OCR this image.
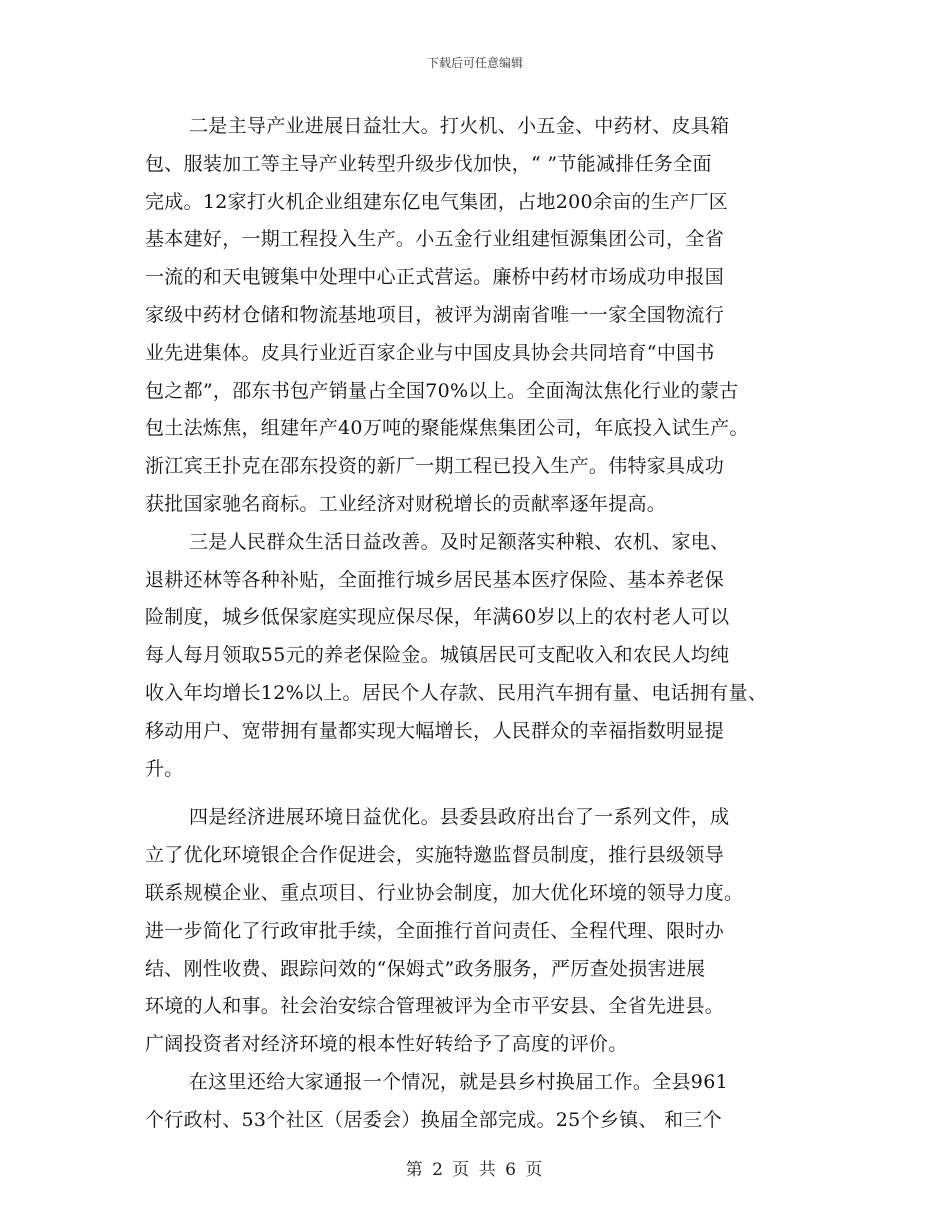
下载后可任意编辑
二是主导产业进展日益壮大。打火机、小五金、中药材、皮具箱
包、服装加工等主导产业转型升级步伐加快，“ ”节能减排任务全面
完成。12家打火机企业组建东亿电气集团，占地200余亩的生产厂区
基本建好，一期工程投入生产。小五金行业组建恒源集团公司，全省
一流的和天电镀集中处理中心正式营运。廉桥中药材市场成功申报国
家级中药材仓储和物流基地项目，被评为湖南省唯一一家全国物流行
业先进集体。皮具行业近百家企业与中国皮具协会共同培育“中国书
包之都”，邵东书包产销量占全国70%以上。全面淘汰焦化行业的蒙古
包土法炼焦，组建年产40万吨的聚能煤焦集团公司，年底投入试生产。
浙江宾王扑克在邵东投资的新厂一期工程已投入生产。伟特家具成功
获批国家驰名商标。工业经济对财税增长的贡献率逐年提高。
三是人民群众生活日益改善。及时足额落实种粮、农机、家电、
退耕还林等各种补贴，全面推行城乡居民基本医疗保险、基本养老保
险制度，城乡低保家庭实现应保尽保，年满60岁以上的农村老人可以
每人每月领取55元的养老保险金。城镇居民可支配收入和农民人均纯
收入年均增长12%以上。居民个人存款、民用汽车拥有量、电话拥有量、
移动用户、宽带拥有量都实现大幅增长，人民群众的幸福指数明显提
升。
四是经济进展环境日益优化。县委县政府出台了一系列文件，成
立了优化环境银企合作促进会，实施特邀监督员制度，推行县级领导
联系规模企业、重点项目、行业协会制度，加大优化环境的领导力度。
进一步简化了行政审批手续，全面推行首问责任、全程代理、限时办
结、刚性收费、跟踪问效的“保姆式”政务服务，严厉查处损害进展
环境的人和事。社会治安综合管理被评为全市平安县、全省先进县。
广阔投资者对经济环境的根本性好转给予了高度的评价。
在这里还给大家通报一个情况，就是县乡村换届工作。全县961
个行政村、53个社区（居委会）换届全部完成。25个乡镇、 和三个
第 2 页 共 6 页
